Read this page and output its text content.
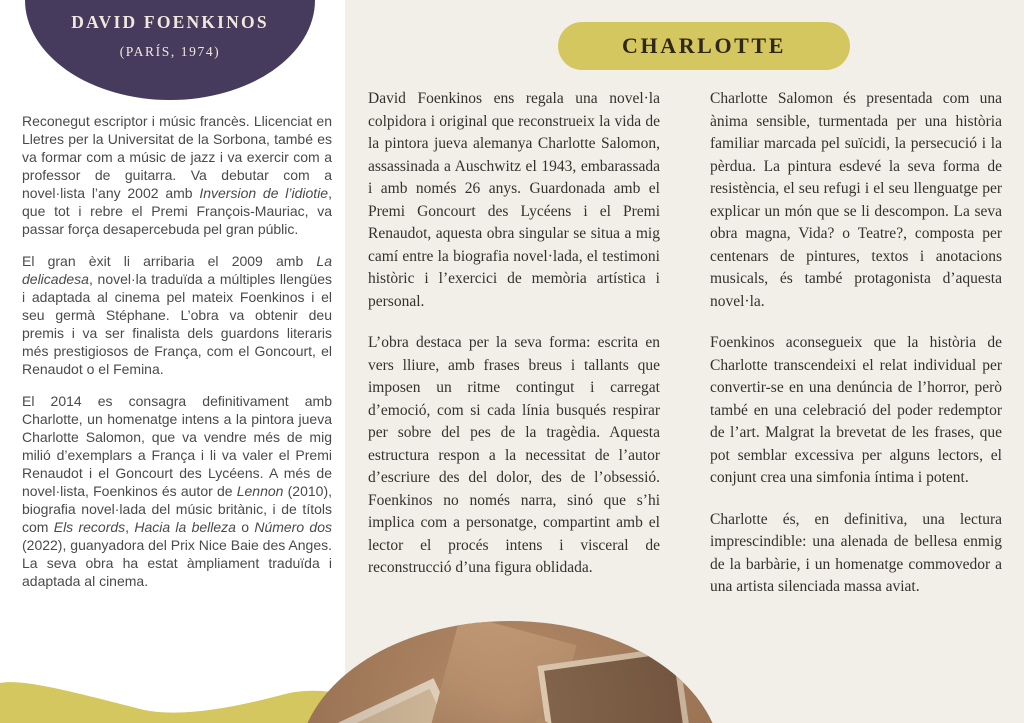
DAVID FOENKINOS
(PARÍS, 1974)

Reconegut escriptor i músic francès. Llicenciat en Lletres per la Universitat de la Sorbona, també es va formar com a músic de jazz i va exercir com a professor de guitarra. Va debutar com a novel·lista l’any 2002 amb Inversion de l’idiotie, que tot i rebre el Premi François-Mauriac, va passar força desapercebuda pel gran públic.

El gran èxit li arribaria el 2009 amb La delicadesa, novel·la traduïda a múltiples llengües i adaptada al cinema pel mateix Foenkinos i el seu germà Stéphane. L’obra va obtenir deu premis i va ser finalista dels guardons literaris més prestigiosos de França, com el Goncourt, el Renaudot o el Femina.

El 2014 es consagra definitivament amb Charlotte, un homenatge intens a la pintora jueva Charlotte Salomon, que va vendre més de mig milió d’exemplars a França i li va valer el Premi Renaudot i el Goncourt des Lycéens. A més de novel·lista, Foenkinos és autor de Lennon (2010), biografia novel·lada del músic britànic, i de títols com Els records, Hacia la belleza o Número dos (2022), guanyadora del Prix Nice Baie des Anges. La seva obra ha estat àmpliament traduïda i adaptada al cinema.

CHARLOTTE

David Foenkinos ens regala una novel·la colpidora i original que reconstrueix la vida de la pintora jueva alemanya Charlotte Salomon, assassinada a Auschwitz el 1943, embarassada i amb només 26 anys. Guardonada amb el Premi Goncourt des Lycéens i el Premi Renaudot, aquesta obra singular se situa a mig camí entre la biografia novel·lada, el testimoni històric i l’exercici de memòria artística i personal.

L’obra destaca per la seva forma: escrita en vers lliure, amb frases breus i tallants que imposen un ritme contingut i carregat d’emoció, com si cada línia busqués respirar per sobre del pes de la tragèdia. Aquesta estructura respon a la necessitat de l’autor d’escriure des del dolor, des de l’obsessió. Foenkinos no només narra, sinó que s’hi implica com a personatge, compartint amb el lector el procés intens i visceral de reconstrucció d’una figura oblidada.

Charlotte Salomon és presentada com una ànima sensible, turmentada per una història familiar marcada pel suïcidi, la persecució i la pèrdua. La pintura esdevé la seva forma de resistència, el seu refugi i el seu llenguatge per explicar un món que se li descompon. La seva obra magna, Vida? o Teatre?, composta per centenars de pintures, textos i anotacions musicals, és també protagonista d’aquesta novel·la.

Foenkinos aconsegueix que la història de Charlotte transcendeixi el relat individual per convertir-se en una denúncia de l’horror, però també en una celebració del poder redemptor de l’art. Malgrat la brevetat de les frases, que pot semblar excessiva per alguns lectors, el conjunt crea una simfonia íntima i potent.

Charlotte és, en definitiva, una lectura imprescindible: una alenada de bellesa enmig de la barbàrie, i un homenatge commovedor a una artista silenciada massa aviat.
